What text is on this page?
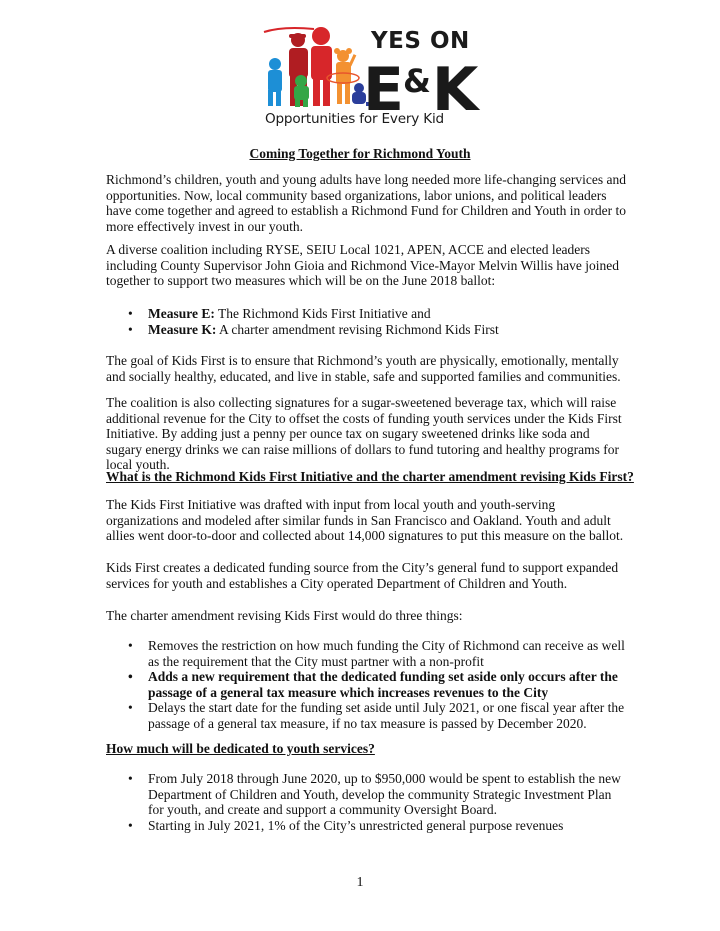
YES ON
E&K
Opportunities for Every Kid
Coming Together for Richmond Youth

Richmond’s children, youth and young adults have long needed more life-changing services and opportunities. Now, local community based organizations, labor unions, and political leaders have come together and agreed to establish a Richmond Fund for Children and Youth in order to more effectively invest in our youth.

A diverse coalition including RYSE, SEIU Local 1021, APEN, ACCE and elected leaders including County Supervisor John Gioia and Richmond Vice-Mayor Melvin Willis have joined together to support two measures which will be on the June 2018 ballot:

• Measure E: The Richmond Kids First Initiative and
• Measure K: A charter amendment revising Richmond Kids First

The goal of Kids First is to ensure that Richmond’s youth are physically, emotionally, mentally and socially healthy, educated, and live in stable, safe and supported families and communities.

The coalition is also collecting signatures for a sugar-sweetened beverage tax, which will raise additional revenue for the City to offset the costs of funding youth services under the Kids First Initiative. By adding just a penny per ounce tax on sugary sweetened drinks like soda and sugary energy drinks we can raise millions of dollars to fund tutoring and healthy programs for local youth.

What is the Richmond Kids First Initiative and the charter amendment revising Kids First?

The Kids First Initiative was drafted with input from local youth and youth-serving organizations and modeled after similar funds in San Francisco and Oakland. Youth and adult allies went door-to-door and collected about 14,000 signatures to put this measure on the ballot.

Kids First creates a dedicated funding source from the City’s general fund to support expanded services for youth and establishes a City operated Department of Children and Youth.

The charter amendment revising Kids First would do three things:

• Removes the restriction on how much funding the City of Richmond can receive as well as the requirement that the City must partner with a non-profit
• Adds a new requirement that the dedicated funding set aside only occurs after the passage of a general tax measure which increases revenues to the City
• Delays the start date for the funding set aside until July 2021, or one fiscal year after the passage of a general tax measure, if no tax measure is passed by December 2020.
How much will be dedicated to youth services?
• From July 2018 through June 2020, up to $950,000 would be spent to establish the new Department of Children and Youth, develop the community Strategic Investment Plan for youth, and create and support a community Oversight Board.
• Starting in July 2021, 1% of the City’s unrestricted general purpose revenues
1
